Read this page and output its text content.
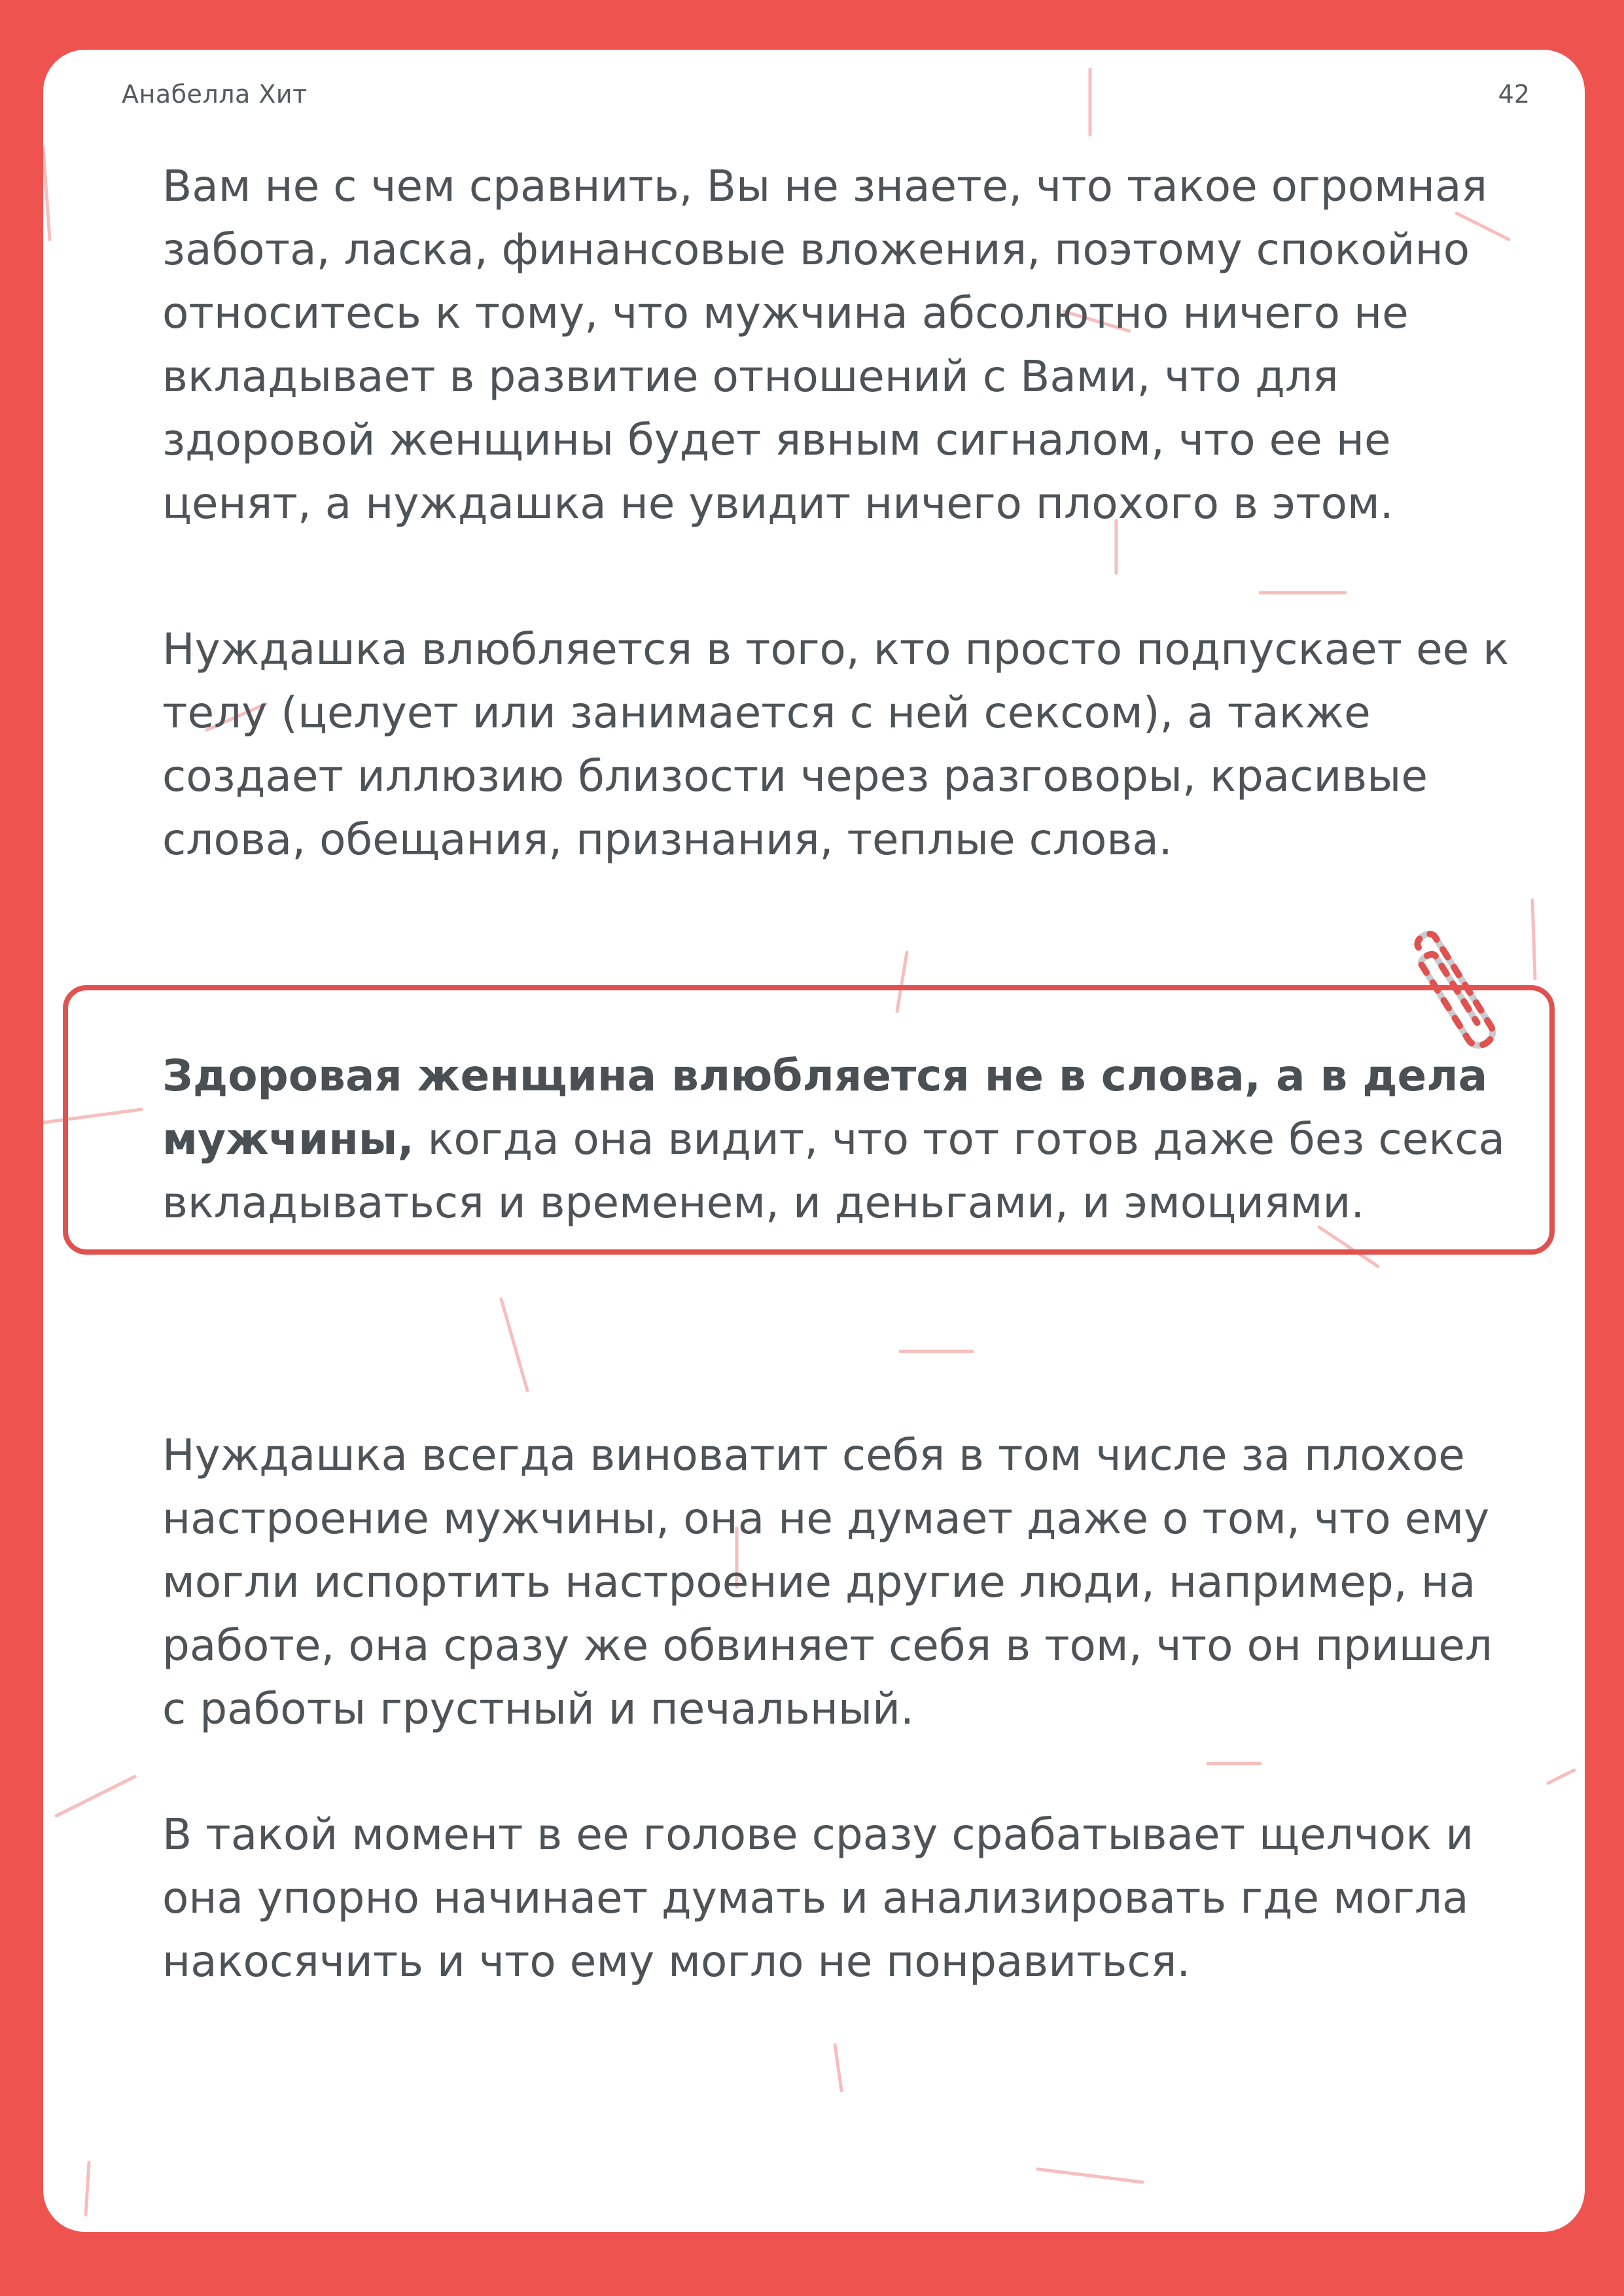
Анабелла Хит	42

Вам не с чем сравнить, Вы не знаете, что такое огромная
забота, ласка, финансовые вложения, поэтому спокойно
относитесь к тому, что мужчина абсолютно ничего не
вкладывает в развитие отношений с Вами, что для
здоровой женщины будет явным сигналом, что ее не
ценят, а нуждашка не увидит ничего плохого в этом.

Нуждашка влюбляется в того, кто просто подпускает ее к
телу (целует или занимается с ней сексом), а также
создает иллюзию близости через разговоры, красивые
слова, обещания, признания, теплые слова.

Здоровая женщина влюбляется не в слова, а в дела
мужчины, когда она видит, что тот готов даже без секса
вкладываться и временем, и деньгами, и эмоциями.

Нуждашка всегда виноватит себя в том числе за плохое
настроение мужчины, она не думает даже о том, что ему
могли испортить настроение другие люди, например, на
работе, она сразу же обвиняет себя в том, что он пришел
с работы грустный и печальный.

В такой момент в ее голове сразу срабатывает щелчок и
она упорно начинает думать и анализировать где могла
накосячить и что ему могло не понравиться.
